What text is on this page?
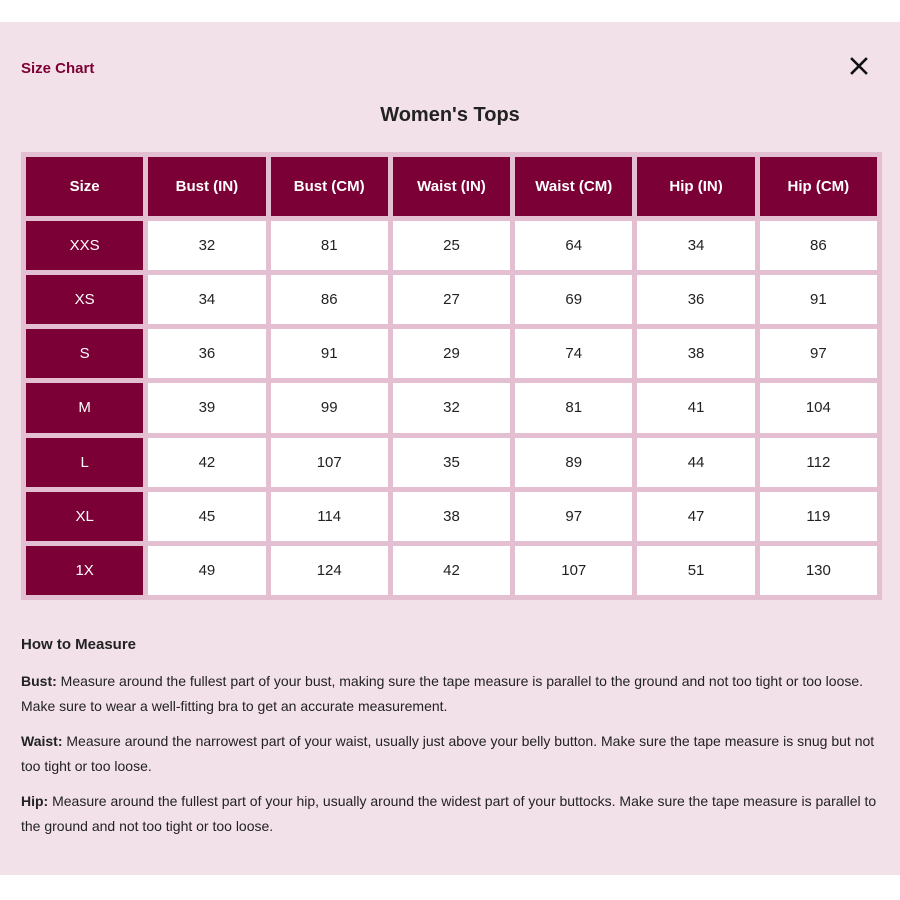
Size Chart
Women's Tops
Size	Bust (IN)	Bust (CM)	Waist (IN)	Waist (CM)	Hip (IN)	Hip (CM)
XXS	32	81	25	64	34	86
XS	34	86	27	69	36	91
S	36	91	29	74	38	97
M	39	99	32	81	41	104
L	42	107	35	89	44	112
XL	45	114	38	97	47	119
1X	49	124	42	107	51	130
How to Measure

Bust: Measure around the fullest part of your bust, making sure the tape measure is parallel to the ground and not too tight or too loose. Make sure to wear a well-fitting bra to get an accurate measurement.

Waist: Measure around the narrowest part of your waist, usually just above your belly button. Make sure the tape measure is snug but not too tight or too loose.

Hip: Measure around the fullest part of your hip, usually around the widest part of your buttocks. Make sure the tape measure is parallel to the ground and not too tight or too loose.
